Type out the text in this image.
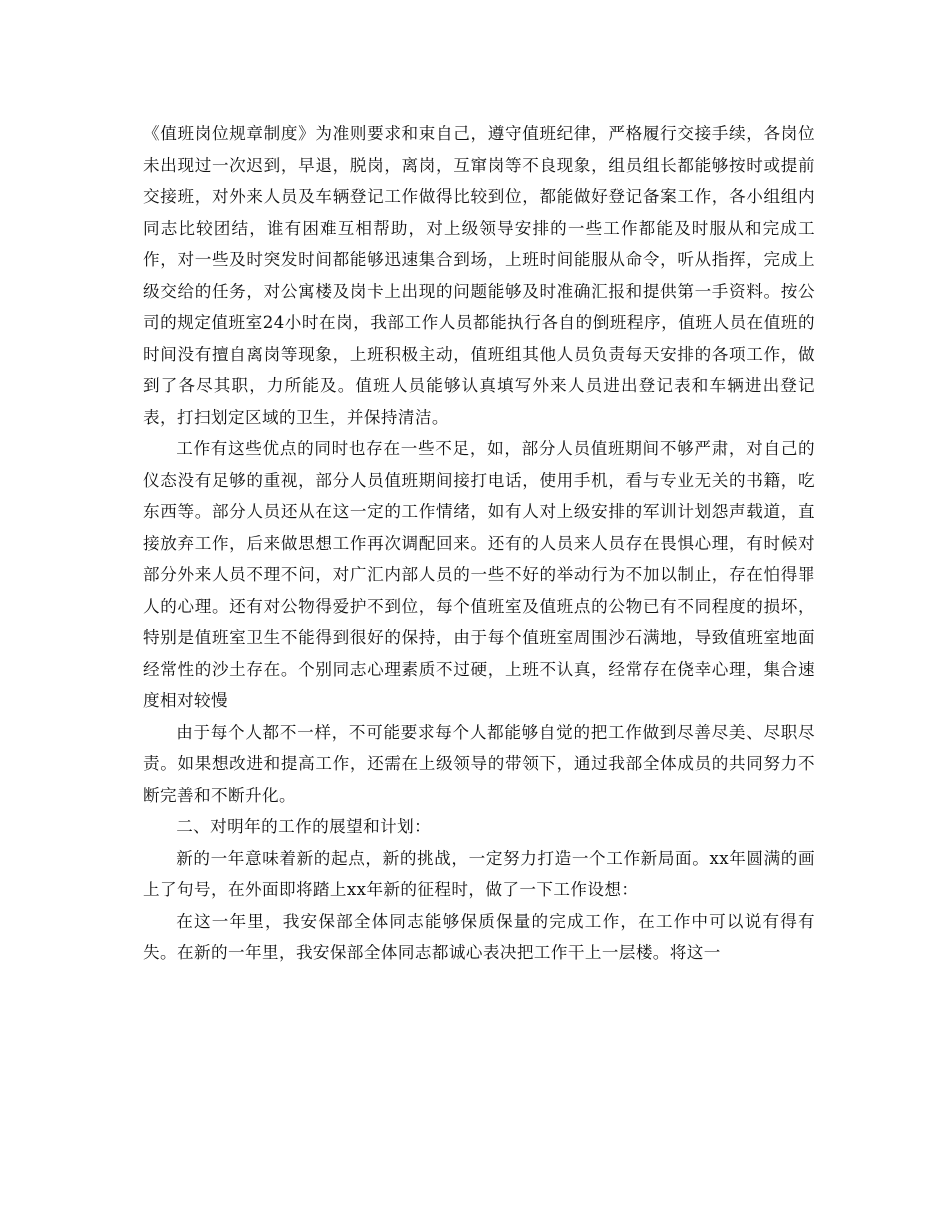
《值班岗位规章制度》为准则要求和束自己，遵守值班纪律，严格履行交接手续，各岗位未出现过一次迟到，早退，脱岗，离岗，互窜岗等不良现象，组员组长都能够按时或提前交接班，对外来人员及车辆登记工作做得比较到位，都能做好登记备案工作，各小组组内同志比较团结，谁有困难互相帮助，对上级领导安排的一些工作都能及时服从和完成工作，对一些及时突发时间都能够迅速集合到场，上班时间能服从命令，听从指挥，完成上级交给的任务，对公寓楼及岗卡上出现的问题能够及时准确汇报和提供第一手资料。按公司的规定值班室24小时在岗，我部工作人员都能执行各自的倒班程序，值班人员在值班的时间没有擅自离岗等现象，上班积极主动，值班组其他人员负责每天安排的各项工作，做到了各尽其职，力所能及。值班人员能够认真填写外来人员进出登记表和车辆进出登记表，打扫划定区域的卫生，并保持清洁。

工作有这些优点的同时也存在一些不足，如，部分人员值班期间不够严肃，对自己的仪态没有足够的重视，部分人员值班期间接打电话，使用手机，看与专业无关的书籍，吃东西等。部分人员还从在这一定的工作情绪，如有人对上级安排的军训计划怨声载道，直接放弃工作，后来做思想工作再次调配回来。还有的人员来人员存在畏惧心理，有时候对部分外来人员不理不问，对广汇内部人员的一些不好的举动行为不加以制止，存在怕得罪人的心理。还有对公物得爱护不到位，每个值班室及值班点的公物已有不同程度的损坏，特别是值班室卫生不能得到很好的保持，由于每个值班室周围沙石满地，导致值班室地面经常性的沙土存在。个别同志心理素质不过硬，上班不认真，经常存在侥幸心理，集合速度相对较慢

由于每个人都不一样，不可能要求每个人都能够自觉的把工作做到尽善尽美、尽职尽责。如果想改进和提高工作，还需在上级领导的带领下，通过我部全体成员的共同努力不断完善和不断升化。

二、对明年的工作的展望和计划：

新的一年意味着新的起点，新的挑战，一定努力打造一个工作新局面。xx年圆满的画上了句号，在外面即将踏上xx年新的征程时，做了一下工作设想：

在这一年里，我安保部全体同志能够保质保量的完成工作，在工作中可以说有得有失。在新的一年里，我安保部全体同志都诚心表决把工作干上一层楼。将这一
